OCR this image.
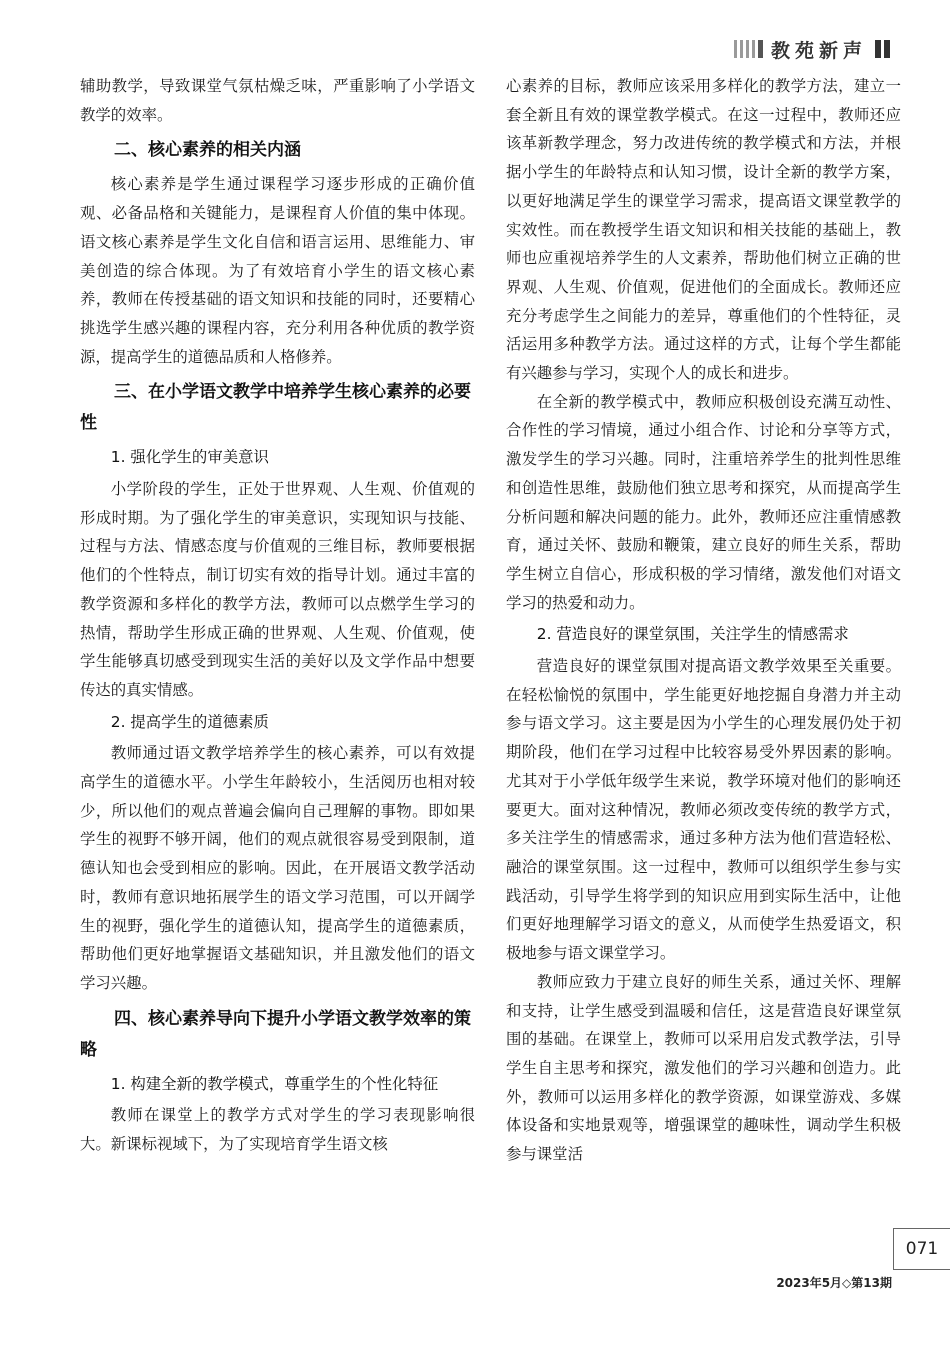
教苑新声

辅助教学，导致课堂气氛枯燥乏味，严重影响了小学语文教学的效率。

二、核心素养的相关内涵

核心素养是学生通过课程学习逐步形成的正确价值观、必备品格和关键能力，是课程育人价值的集中体现。语文核心素养是学生文化自信和语言运用、思维能力、审美创造的综合体现。为了有效培育小学生的语文核心素养，教师在传授基础的语文知识和技能的同时，还要精心挑选学生感兴趣的课程内容，充分利用各种优质的教学资源，提高学生的道德品质和人格修养。

三、在小学语文教学中培养学生核心素养的必要性
1. 强化学生的审美意识

小学阶段的学生，正处于世界观、人生观、价值观的形成时期。为了强化学生的审美意识，实现知识与技能、过程与方法、情感态度与价值观的三维目标，教师要根据他们的个性特点，制订切实有效的指导计划。通过丰富的教学资源和多样化的教学方法，教师可以点燃学生学习的热情，帮助学生形成正确的世界观、人生观、价值观，使学生能够真切感受到现实生活的美好以及文学作品中想要传达的真实情感。

2. 提高学生的道德素质

教师通过语文教学培养学生的核心素养，可以有效提高学生的道德水平。小学生年龄较小，生活阅历也相对较少，所以他们的观点普遍会偏向自己理解的事物。即如果学生的视野不够开阔，他们的观点就很容易受到限制，道德认知也会受到相应的影响。因此，在开展语文教学活动时，教师有意识地拓展学生的语文学习范围，可以开阔学生的视野，强化学生的道德认知，提高学生的道德素质，帮助他们更好地掌握语文基础知识，并且激发他们的语文学习兴趣。

四、核心素养导向下提升小学语文教学效率的策略
1. 构建全新的教学模式，尊重学生的个性化特征

教师在课堂上的教学方式对学生的学习表现影响很大。新课标视域下，为了实现培育学生语文核

心素养的目标，教师应该采用多样化的教学方法，建立一套全新且有效的课堂教学模式。在这一过程中，教师还应该革新教学理念，努力改进传统的教学模式和方法，并根据小学生的年龄特点和认知习惯，设计全新的教学方案，以更好地满足学生的课堂学习需求，提高语文课堂教学的实效性。而在教授学生语文知识和相关技能的基础上，教师也应重视培养学生的人文素养，帮助他们树立正确的世界观、人生观、价值观，促进他们的全面成长。教师还应充分考虑学生之间能力的差异，尊重他们的个性特征，灵活运用多种教学方法。通过这样的方式，让每个学生都能有兴趣参与学习，实现个人的成长和进步。

在全新的教学模式中，教师应积极创设充满互动性、合作性的学习情境，通过小组合作、讨论和分享等方式，激发学生的学习兴趣。同时，注重培养学生的批判性思维和创造性思维，鼓励他们独立思考和探究，从而提高学生分析问题和解决问题的能力。此外，教师还应注重情感教育，通过关怀、鼓励和鞭策，建立良好的师生关系，帮助学生树立自信心，形成积极的学习情绪，激发他们对语文学习的热爱和动力。

2. 营造良好的课堂氛围，关注学生的情感需求

营造良好的课堂氛围对提高语文教学效果至关重要。在轻松愉悦的氛围中，学生能更好地挖掘自身潜力并主动参与语文学习。这主要是因为小学生的心理发展仍处于初期阶段，他们在学习过程中比较容易受外界因素的影响。尤其对于小学低年级学生来说，教学环境对他们的影响还要更大。面对这种情况，教师必须改变传统的教学方式，多关注学生的情感需求，通过多种方法为他们营造轻松、融洽的课堂氛围。这一过程中，教师可以组织学生参与实践活动，引导学生将学到的知识应用到实际生活中，让他们更好地理解学习语文的意义，从而使学生热爱语文，积极地参与语文课堂学习。

教师应致力于建立良好的师生关系，通过关怀、理解和支持，让学生感受到温暖和信任，这是营造良好课堂氛围的基础。在课堂上，教师可以采用启发式教学法，引导学生自主思考和探究，激发他们的学习兴趣和创造力。此外，教师可以运用多样化的教学资源，如课堂游戏、多媒体设备和实地景观等，增强课堂的趣味性，调动学生积极参与课堂活

071
2023年5月◇第13期
